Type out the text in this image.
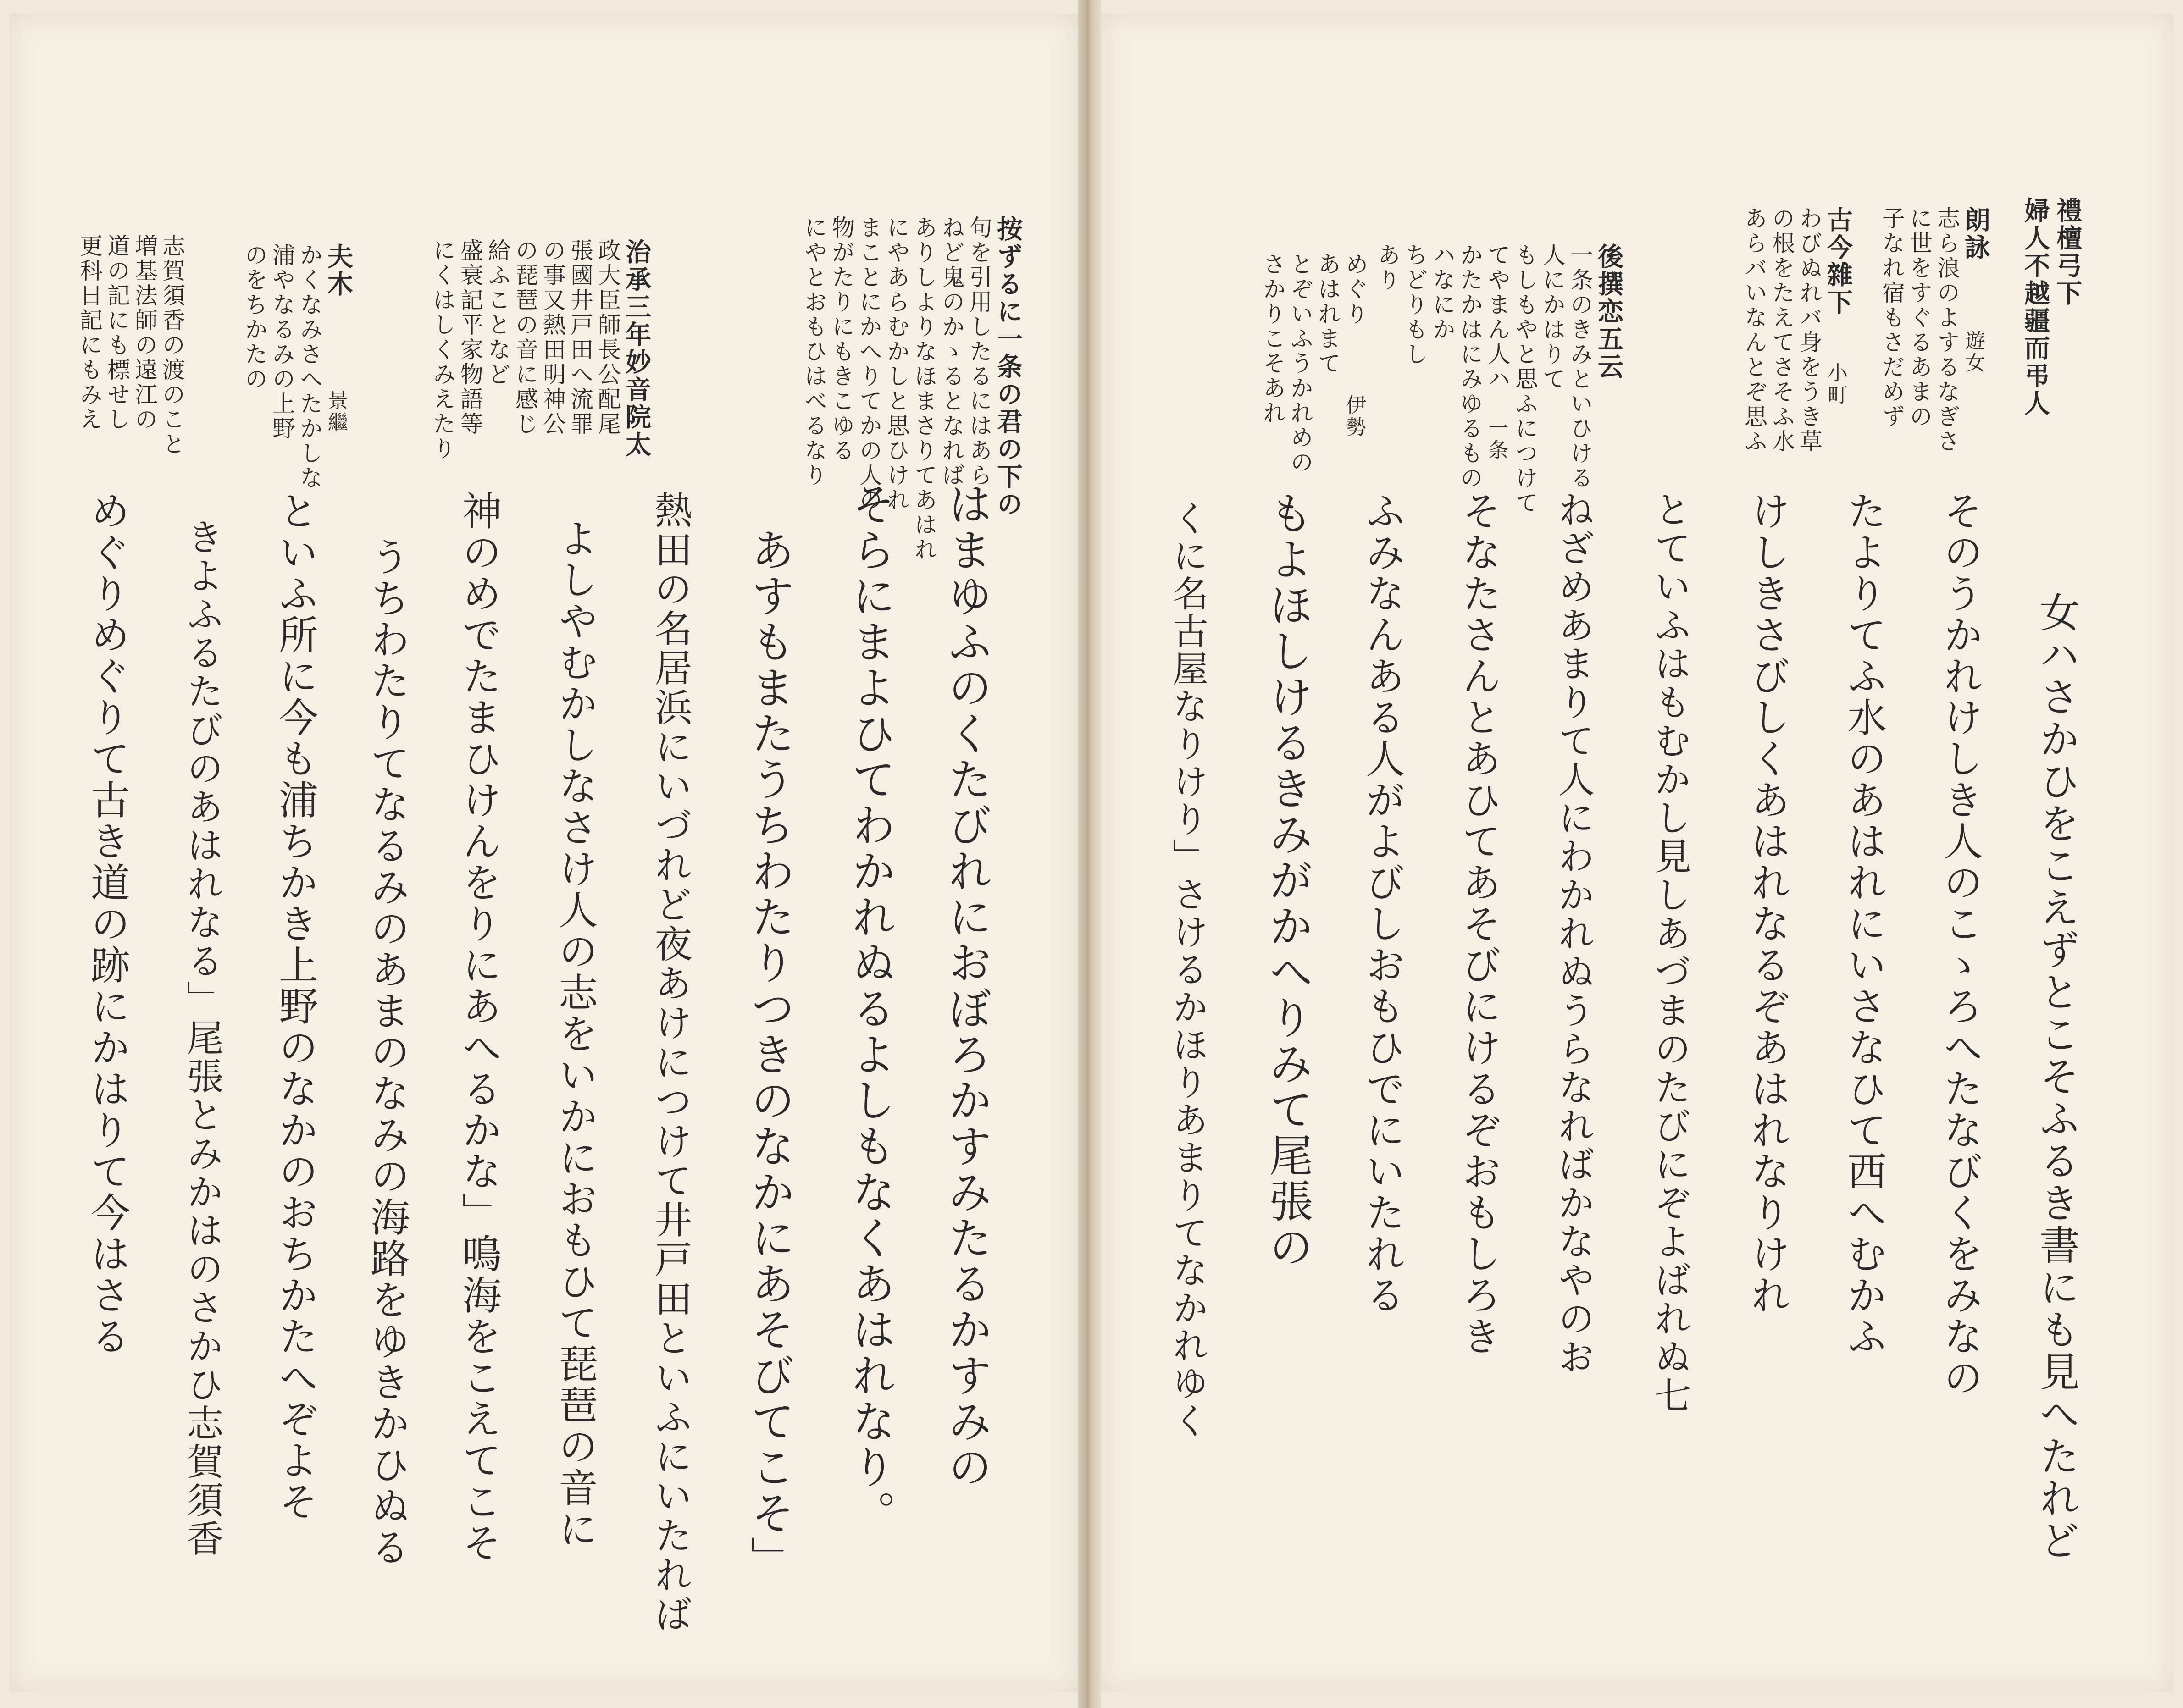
按ずるに一条の君の下の
句を引用したるにはあら
ねど鬼のかゝるとなれば
ありしよりなほまさりてあはれ
にやあらむかしと思ひけれ
まことにかへりてかの人の
物がたりにもきこゆる
にやとおもひはべるなり
治承三年妙音院太
政大臣師長公配尾
張國井戸田へ流罪
の事又熱田明神公
の琵琶の音に感じ
給ふことなど
盛衰記平家物語等
にくはしくみえたり
夫木
景繼
かくなみさへたかしな
浦やなるみの上野
のをちかたの
志賀須香の渡のこと
増基法師の遠江の
道の記にも標せし
更科日記にもみえ
はまゆふのくたびれにおぼろかすみたるかすみの
そらにまよひてわかれぬるよしもなくあはれなり。
あすもまたうちわたりつきのなかにあそびてこそ」
熱田の名居浜にいづれど夜あけにつけて井戸田といふにいたれば
よしやむかしなさけ人の志をいかにおもひて琵琶の音に
神のめでたまひけんをりにあへるかな」鳴海をこえてこそ
うちわたりてなるみのあまのなみの海路をゆきかひぬる
といふ所に今も浦ちかき上野のなかのおちかたへぞよそ
きよふるたびのあはれなる」尾張とみかはのさかひ志賀須香
めぐりめぐりて古き道の跡にかはりて今はさる
禮檀弓下
婦人不越疆而弔人
朗詠
遊女
志ら浪のよするなぎさ
に世をすぐるあまの
子なれ宿もさだめず
古今雜下
小町
わびぬれバ身をうき草
の根をたえてさそふ水
あらバいなんとぞ思ふ
後撰恋五云
一条のきみといひける
人にかはりて
もしもやと思ふにつけて
てやまん人ハ
一条
かたかはにみゆるもの
ハなにか
ちどりもし
あり
めぐり
伊勢
あはれまて
とぞいふうかれめの
さかりこそあれ
女ハさかひをこえずとこそふるき書にも見へたれど
そのうかれけしき人のこゝろへたなびくをみなの
たよりてふ水のあはれにいさなひて西へむかふ
けしきさびしくあはれなるぞあはれなりけれ
とていふはもむかし見しあづまのたびにぞよばれぬ七
ねざめあまりて人にわかれぬうらなればかなやのお
そなたさんとあひてあそびにけるぞおもしろき
ふみなんある人がよびしおもひでにいたれる
もよほしけるきみがかへりみて尾張の
くに名古屋なりけり」さけるかほりあまりてなかれゆく
